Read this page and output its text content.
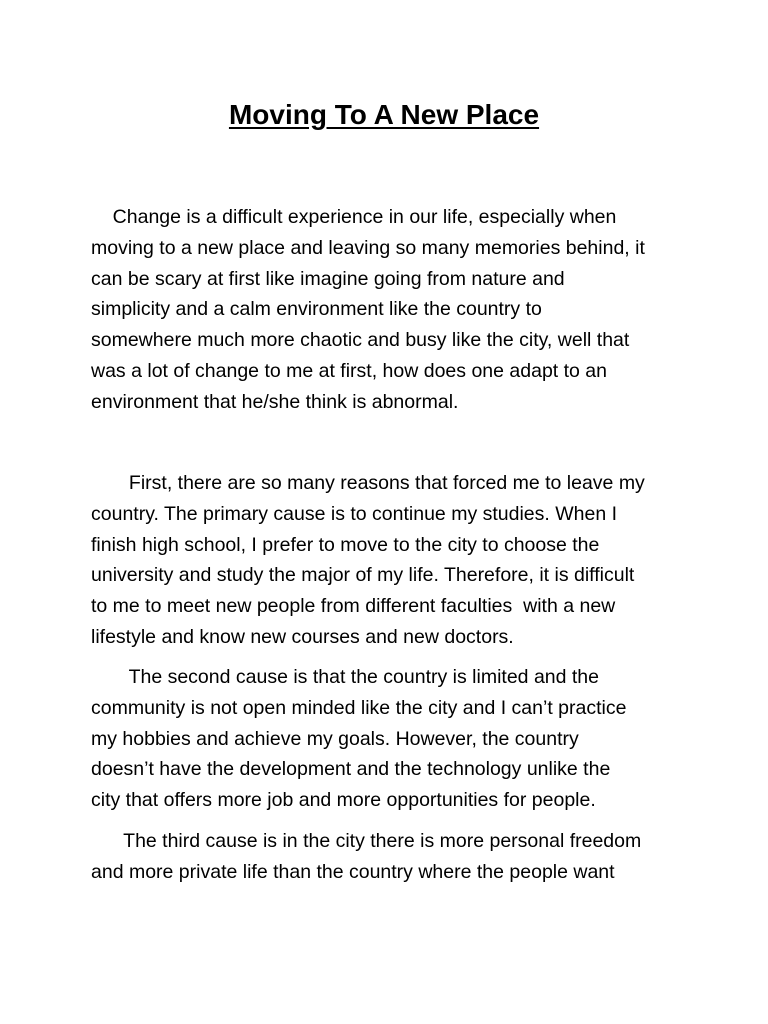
Moving To A New Place

Change is a difficult experience in our life, especially when
moving to a new place and leaving so many memories behind, it
can be scary at first like imagine going from nature and
simplicity and a calm environment like the country to
somewhere much more chaotic and busy like the city, well that
was a lot of change to me at first, how does one adapt to an
environment that he/she think is abnormal.

First, there are so many reasons that forced me to leave my
country. The primary cause is to continue my studies. When I
finish high school, I prefer to move to the city to choose the
university and study the major of my life. Therefore, it is difficult
to me to meet new people from different faculties  with a new
lifestyle and know new courses and new doctors.

The second cause is that the country is limited and the
community is not open minded like the city and I can’t practice
my hobbies and achieve my goals. However, the country
doesn’t have the development and the technology unlike the
city that offers more job and more opportunities for people.

The third cause is in the city there is more personal freedom
and more private life than the country where the people want
